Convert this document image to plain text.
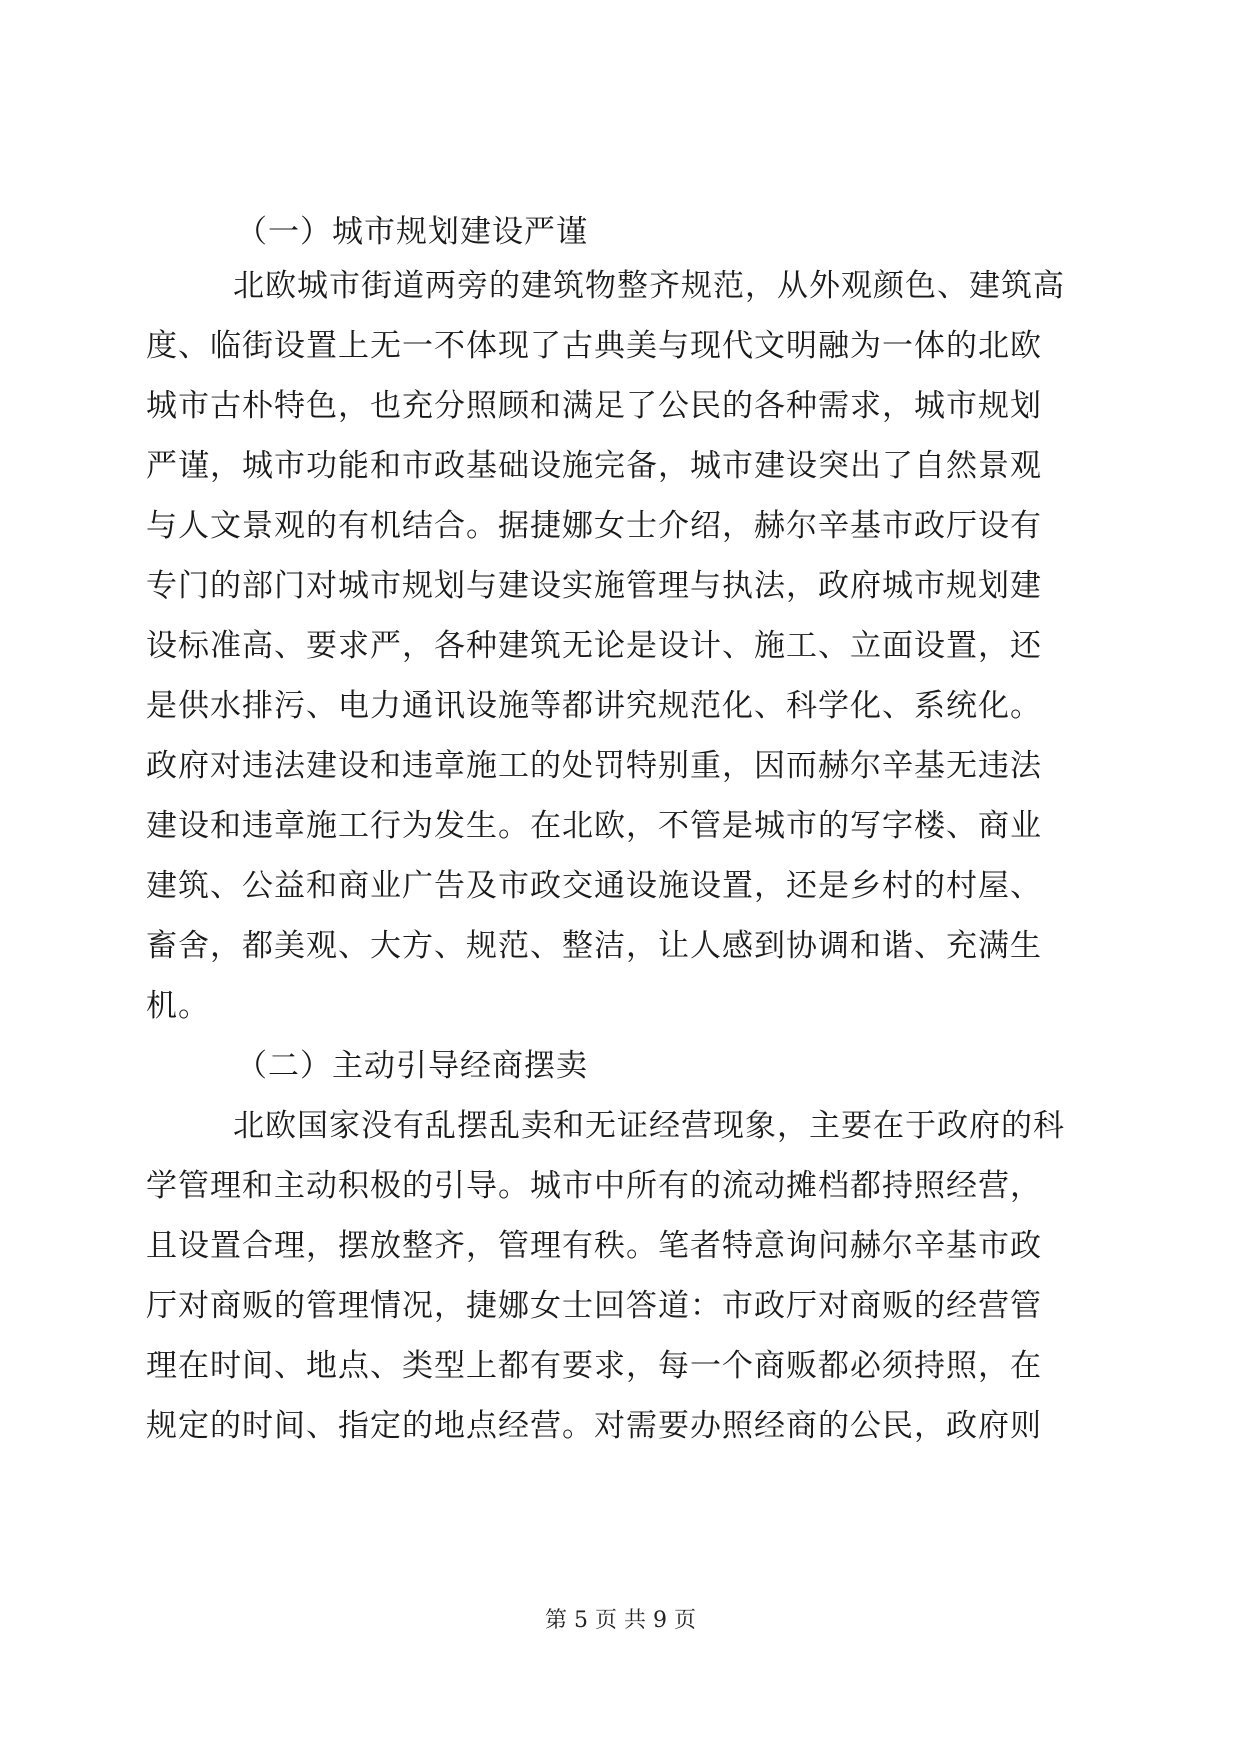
（一）城市规划建设严谨
北欧城市街道两旁的建筑物整齐规范，从外观颜色、建筑高
度、临街设置上无一不体现了古典美与现代文明融为一体的北欧
城市古朴特色，也充分照顾和满足了公民的各种需求，城市规划
严谨，城市功能和市政基础设施完备，城市建设突出了自然景观
与人文景观的有机结合。据捷娜女士介绍，赫尔辛基市政厅设有
专门的部门对城市规划与建设实施管理与执法，政府城市规划建
设标准高、要求严，各种建筑无论是设计、施工、立面设置，还
是供水排污、电力通讯设施等都讲究规范化、科学化、系统化。
政府对违法建设和违章施工的处罚特别重，因而赫尔辛基无违法
建设和违章施工行为发生。在北欧，不管是城市的写字楼、商业
建筑、公益和商业广告及市政交通设施设置，还是乡村的村屋、
畜舍，都美观、大方、规范、整洁，让人感到协调和谐、充满生
机。
（二）主动引导经商摆卖
北欧国家没有乱摆乱卖和无证经营现象，主要在于政府的科
学管理和主动积极的引导。城市中所有的流动摊档都持照经营，
且设置合理，摆放整齐，管理有秩。笔者特意询问赫尔辛基市政
厅对商贩的管理情况，捷娜女士回答道：市政厅对商贩的经营管
理在时间、地点、类型上都有要求，每一个商贩都必须持照，在
规定的时间、指定的地点经营。对需要办照经商的公民，政府则
第 5 页 共 9 页
